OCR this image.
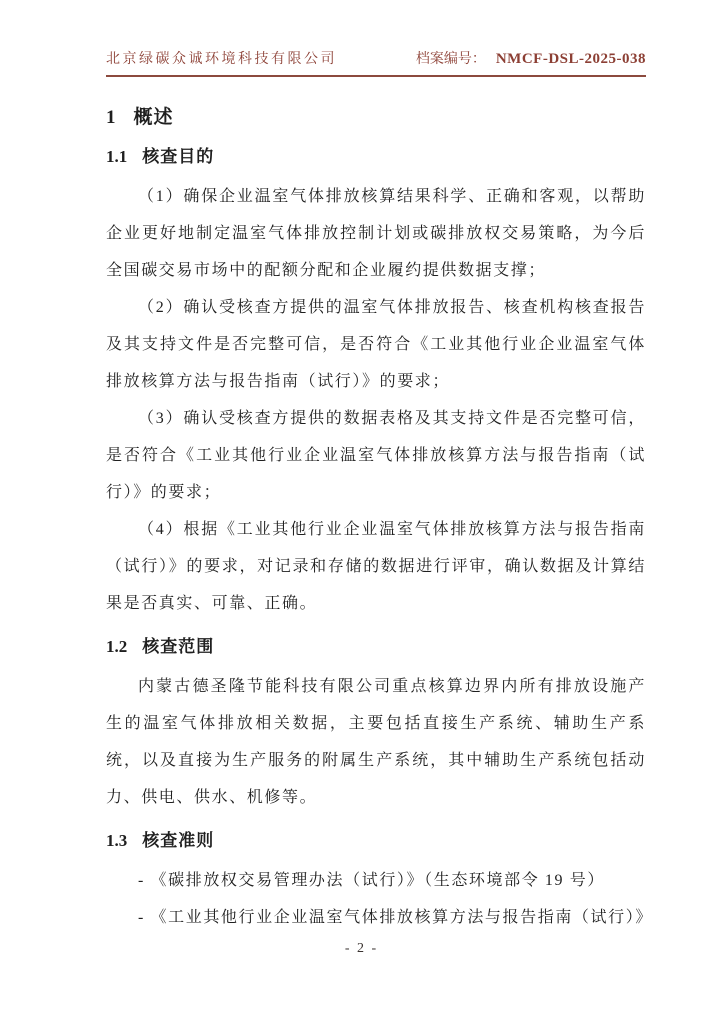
北京绿碳众诚环境科技有限公司	档案编号： NMCF-DSL-2025-038
1 概述
1.1 核查目的

（1）确保企业温室气体排放核算结果科学、正确和客观，以帮助企业更好地制定温室气体排放控制计划或碳排放权交易策略，为今后全国碳交易市场中的配额分配和企业履约提供数据支撑；

（2）确认受核查方提供的温室气体排放报告、核查机构核查报告及其支持文件是否完整可信，是否符合《工业其他行业企业温室气体排放核算方法与报告指南（试行）》的要求；

（3）确认受核查方提供的数据表格及其支持文件是否完整可信，是否符合《工业其他行业企业温室气体排放核算方法与报告指南（试行）》的要求；

（4）根据《工业其他行业企业温室气体排放核算方法与报告指南（试行）》的要求，对记录和存储的数据进行评审，确认数据及计算结果是否真实、可靠、正确。

1.2 核查范围

内蒙古德圣隆节能科技有限公司重点核算边界内所有排放设施产生的温室气体排放相关数据，主要包括直接生产系统、辅助生产系统，以及直接为生产服务的附属生产系统，其中辅助生产系统包括动力、供电、供水、机修等。

1.3 核查准则

- 《碳排放权交易管理办法（试行）》（生态环境部令 19 号）

- 《工业其他行业企业温室气体排放核算方法与报告指南（试行）》

- 2 -
